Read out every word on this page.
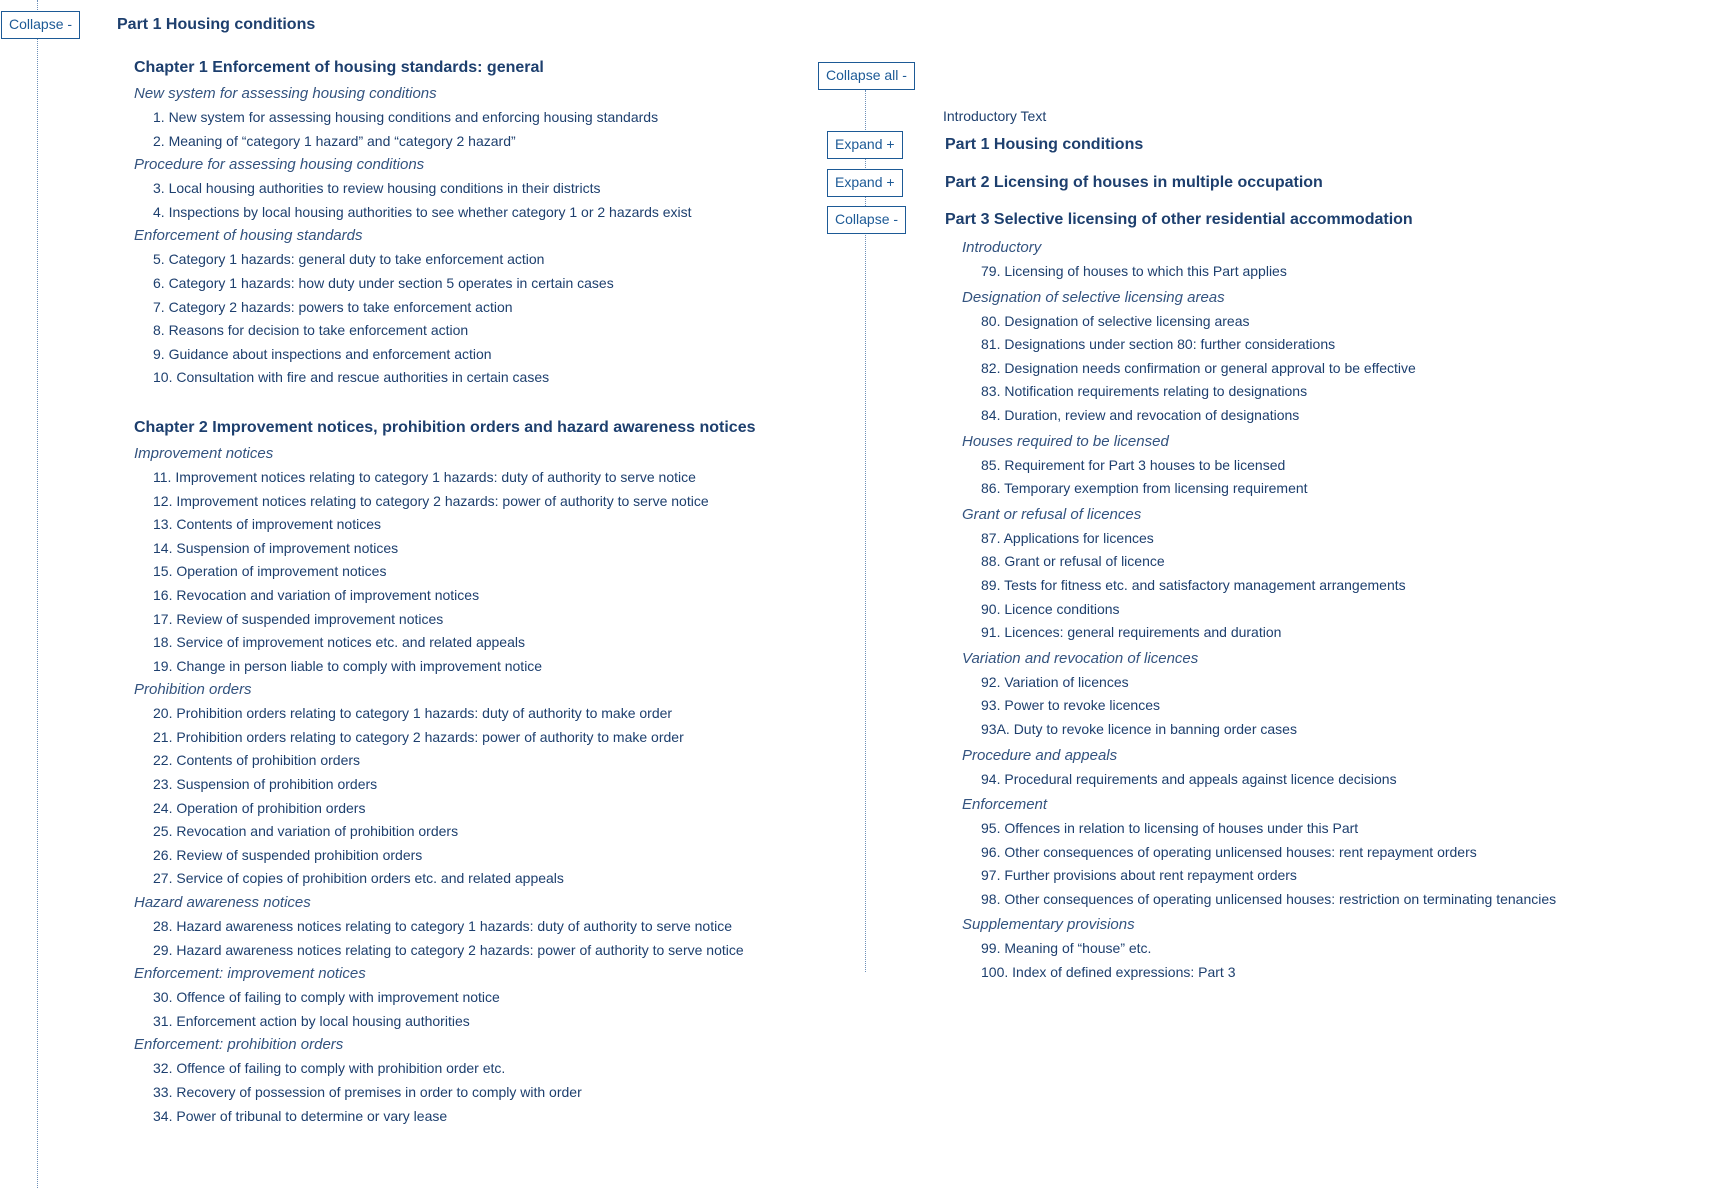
Collapse -	Part 1 Housing conditions
Chapter 1 Enforcement of housing standards: general
New system for assessing housing conditions
1. New system for assessing housing conditions and enforcing housing standards
2. Meaning of “category 1 hazard” and “category 2 hazard”
Procedure for assessing housing conditions
3. Local housing authorities to review housing conditions in their districts
4. Inspections by local housing authorities to see whether category 1 or 2 hazards exist
Enforcement of housing standards
5. Category 1 hazards: general duty to take enforcement action
6. Category 1 hazards: how duty under section 5 operates in certain cases
7. Category 2 hazards: powers to take enforcement action
8. Reasons for decision to take enforcement action
9. Guidance about inspections and enforcement action
10. Consultation with fire and rescue authorities in certain cases
Chapter 2 Improvement notices, prohibition orders and hazard awareness notices
Improvement notices
11. Improvement notices relating to category 1 hazards: duty of authority to serve notice
12. Improvement notices relating to category 2 hazards: power of authority to serve notice
13. Contents of improvement notices
14. Suspension of improvement notices
15. Operation of improvement notices
16. Revocation and variation of improvement notices
17. Review of suspended improvement notices
18. Service of improvement notices etc. and related appeals
19. Change in person liable to comply with improvement notice
Prohibition orders
20. Prohibition orders relating to category 1 hazards: duty of authority to make order
21. Prohibition orders relating to category 2 hazards: power of authority to make order
22. Contents of prohibition orders
23. Suspension of prohibition orders
24. Operation of prohibition orders
25. Revocation and variation of prohibition orders
26. Review of suspended prohibition orders
27. Service of copies of prohibition orders etc. and related appeals
Hazard awareness notices
28. Hazard awareness notices relating to category 1 hazards: duty of authority to serve notice
29. Hazard awareness notices relating to category 2 hazards: power of authority to serve notice
Enforcement: improvement notices
30. Offence of failing to comply with improvement notice
31. Enforcement action by local housing authorities
Enforcement: prohibition orders
32. Offence of failing to comply with prohibition order etc.
33. Recovery of possession of premises in order to comply with order
34. Power of tribunal to determine or vary lease
Collapse all -
Introductory Text
Expand +	Part 1 Housing conditions
Expand +	Part 2 Licensing of houses in multiple occupation
Collapse -	Part 3 Selective licensing of other residential accommodation
Introductory
79. Licensing of houses to which this Part applies
Designation of selective licensing areas
80. Designation of selective licensing areas
81. Designations under section 80: further considerations
82. Designation needs confirmation or general approval to be effective
83. Notification requirements relating to designations
84. Duration, review and revocation of designations
Houses required to be licensed
85. Requirement for Part 3 houses to be licensed
86. Temporary exemption from licensing requirement
Grant or refusal of licences
87. Applications for licences
88. Grant or refusal of licence
89. Tests for fitness etc. and satisfactory management arrangements
90. Licence conditions
91. Licences: general requirements and duration
Variation and revocation of licences
92. Variation of licences
93. Power to revoke licences
93A. Duty to revoke licence in banning order cases
Procedure and appeals
94. Procedural requirements and appeals against licence decisions
Enforcement
95. Offences in relation to licensing of houses under this Part
96. Other consequences of operating unlicensed houses: rent repayment orders
97. Further provisions about rent repayment orders
98. Other consequences of operating unlicensed houses: restriction on terminating tenancies
Supplementary provisions
99. Meaning of “house” etc.
100. Index of defined expressions: Part 3
